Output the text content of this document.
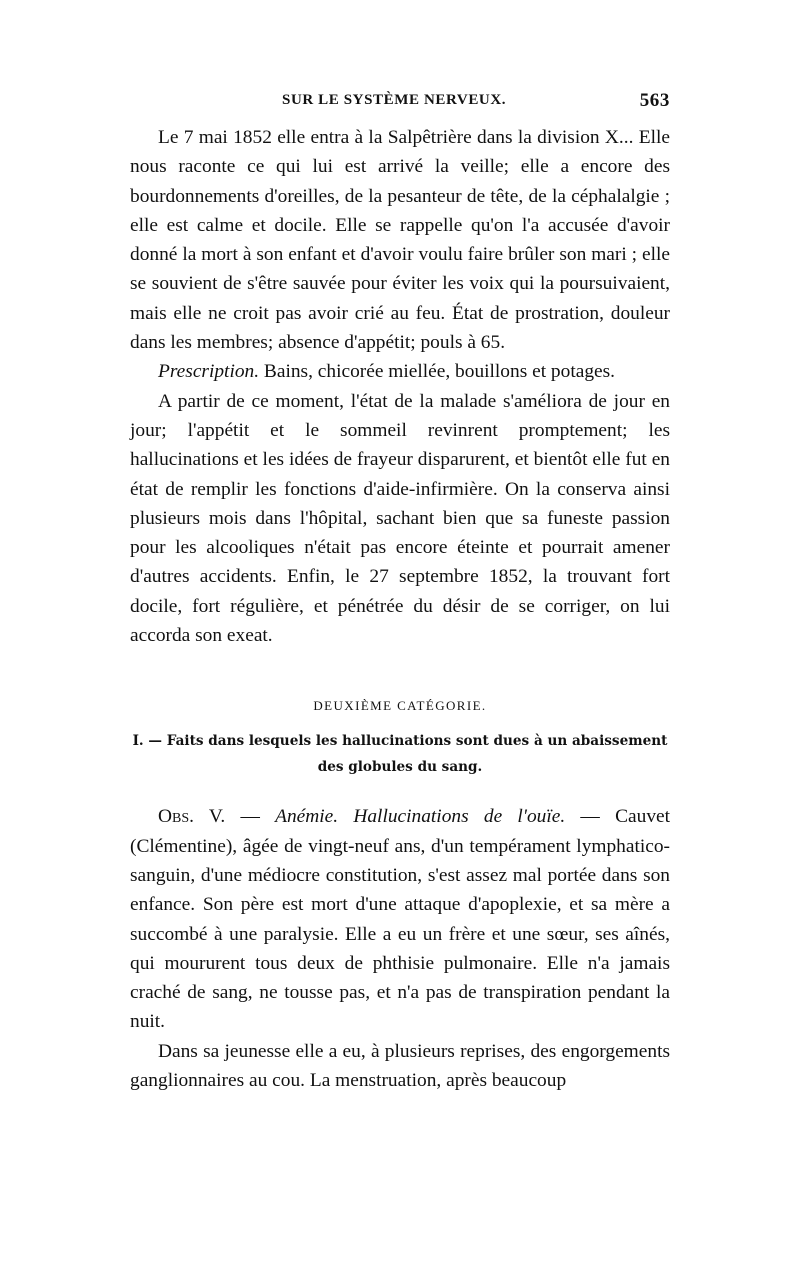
SUR LE SYSTÈME NERVEUX.	563

Le 7 mai 1852 elle entra à la Salpêtrière dans la division X... Elle nous raconte ce qui lui est arrivé la veille; elle a encore des bourdonnements d'oreilles, de la pesanteur de tête, de la céphalalgie ; elle est calme et docile. Elle se rappelle qu'on l'a accusée d'avoir donné la mort à son enfant et d'avoir voulu faire brûler son mari ; elle se souvient de s'être sauvée pour éviter les voix qui la poursuivaient, mais elle ne croit pas avoir crié au feu. État de prostration, douleur dans les membres; absence d'appétit; pouls à 65.

Prescription. Bains, chicorée miellée, bouillons et potages.

A partir de ce moment, l'état de la malade s'améliora de jour en jour; l'appétit et le sommeil revinrent promptement; les hallucinations et les idées de frayeur disparurent, et bientôt elle fut en état de remplir les fonctions d'aide-infirmière. On la conserva ainsi plusieurs mois dans l'hôpital, sachant bien que sa funeste passion pour les alcooliques n'était pas encore éteinte et pourrait amener d'autres accidents. Enfin, le 27 septembre 1852, la trouvant fort docile, fort régulière, et pénétrée du désir de se corriger, on lui accorda son exeat.

DEUXIÈME CATÉGORIE.
I. — Faits dans lesquels les hallucinations sont dues à un abaissement des globules du sang.

Obs. V. — Anémie. Hallucinations de l'ouïe. — Cauvet (Clémentine), âgée de vingt-neuf ans, d'un tempérament lymphatico-sanguin, d'une médiocre constitution, s'est assez mal portée dans son enfance. Son père est mort d'une attaque d'apoplexie, et sa mère a succombé à une paralysie. Elle a eu un frère et une sœur, ses aînés, qui moururent tous deux de phthisie pulmonaire. Elle n'a jamais craché de sang, ne tousse pas, et n'a pas de transpiration pendant la nuit.

Dans sa jeunesse elle a eu, à plusieurs reprises, des engorgements ganglionnaires au cou. La menstruation, après beaucoup
